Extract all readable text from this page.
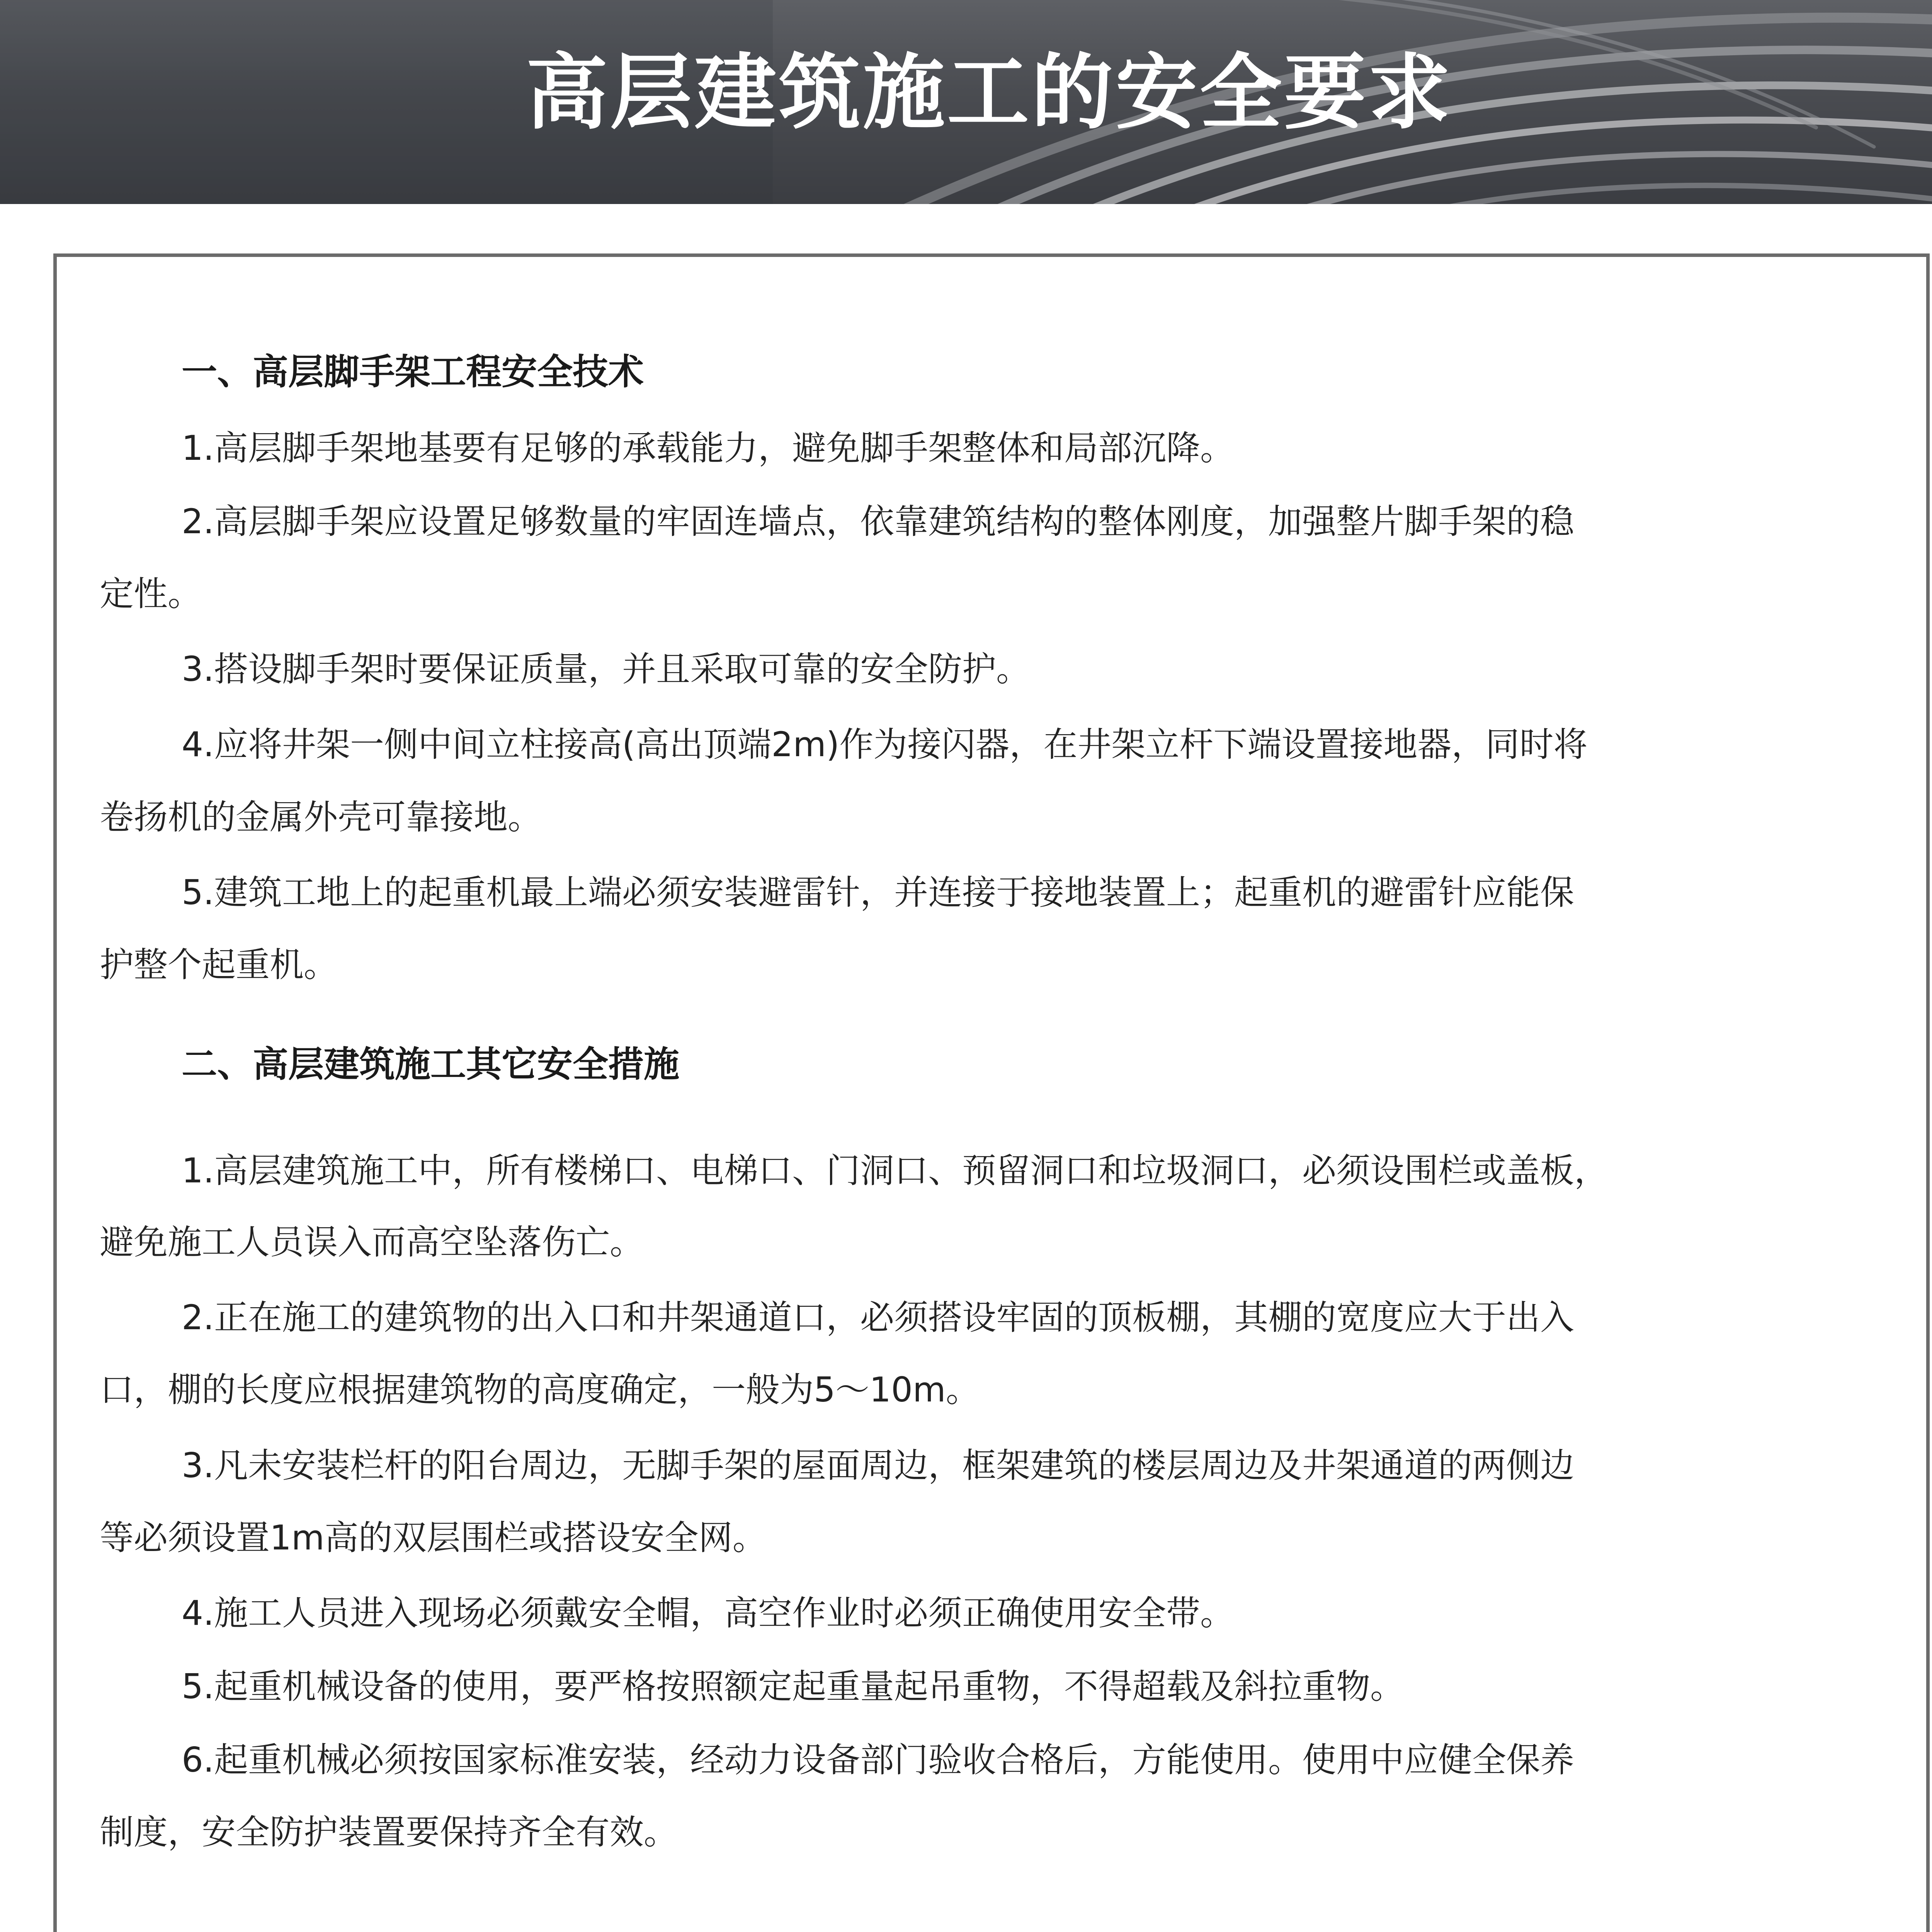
高层建筑施工的安全要求
一、高层脚手架工程安全技术
1.高层脚手架地基要有足够的承载能力，避免脚手架整体和局部沉降。
2.高层脚手架应设置足够数量的牢固连墙点，依靠建筑结构的整体刚度，加强整片脚手架的稳
定性。
3.搭设脚手架时要保证质量，并且采取可靠的安全防护。
4.应将井架一侧中间立柱接高(高出顶端2m)作为接闪器，在井架立杆下端设置接地器，同时将
卷扬机的金属外壳可靠接地。
5.建筑工地上的起重机最上端必须安装避雷针，并连接于接地装置上；起重机的避雷针应能保
护整个起重机。
二、高层建筑施工其它安全措施
1.高层建筑施工中，所有楼梯口、电梯口、门洞口、预留洞口和垃圾洞口，必须设围栏或盖板，
避免施工人员误入而高空坠落伤亡。
2.正在施工的建筑物的出入口和井架通道口，必须搭设牢固的顶板棚，其棚的宽度应大于出入
口，棚的长度应根据建筑物的高度确定，一般为5～10m。
3.凡未安装栏杆的阳台周边，无脚手架的屋面周边，框架建筑的楼层周边及井架通道的两侧边
等必须设置1m高的双层围栏或搭设安全网。
4.施工人员进入现场必须戴安全帽，高空作业时必须正确使用安全带。
5.起重机械设备的使用，要严格按照额定起重量起吊重物，不得超载及斜拉重物。
6.起重机械必须按国家标准安装，经动力设备部门验收合格后，方能使用。使用中应健全保养
制度，安全防护装置要保持齐全有效。
